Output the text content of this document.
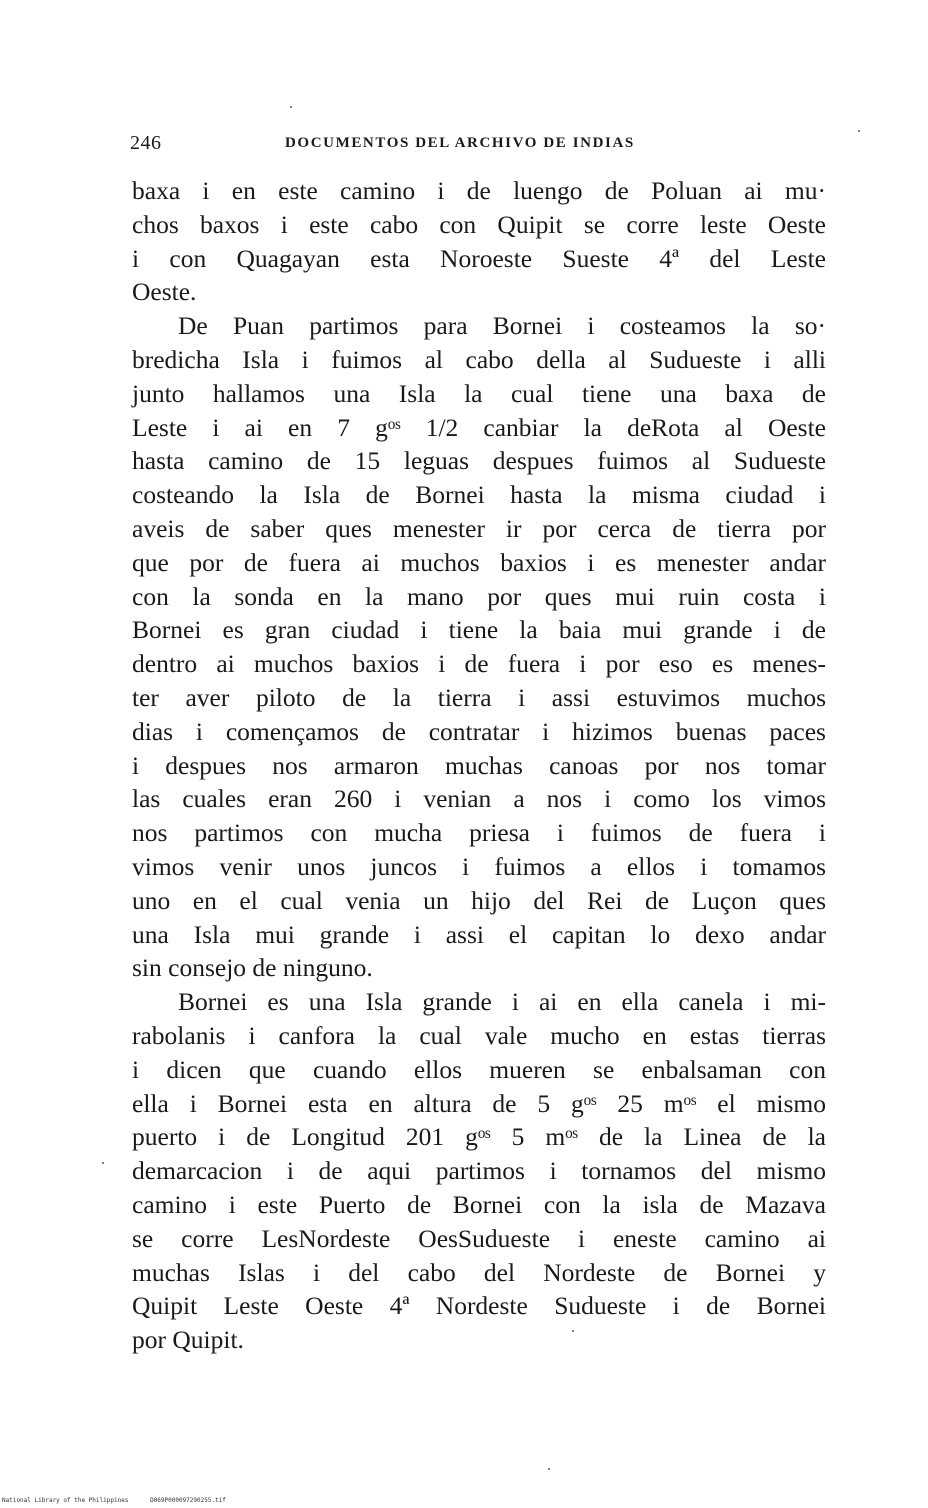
246	DOCUMENTOS DEL ARCHIVO DE INDIAS
baxa i en este camino i de luengo de Poluan ai mu·
chos baxos i este cabo con Quipit se corre leste Oeste
i con Quagayan esta Noroeste Sueste 4ª del Leste
Oeste.
De Puan partimos para Bornei i costeamos la so·
bredicha Isla i fuimos al cabo della al Sudueste i alli
junto hallamos una Isla la cual tiene una baxa de
Leste i ai en 7 gᵒˢ 1/2 canbiar la deRota al Oeste
hasta camino de 15 leguas despues fuimos al Sudueste
costeando la Isla de Bornei hasta la misma ciudad i
aveis de saber ques menester ir por cerca de tierra por
que por de fuera ai muchos baxios i es menester andar
con la sonda en la mano por ques mui ruin costa i
Bornei es gran ciudad i tiene la baia mui grande i de
dentro ai muchos baxios i de fuera i por eso es menes-
ter aver piloto de la tierra i assi estuvimos muchos
dias i començamos de contratar i hizimos buenas paces
i despues nos armaron muchas canoas por nos tomar
las cuales eran 260 i venian a nos i como los vimos
nos partimos con mucha priesa i fuimos de fuera i
vimos venir unos juncos i fuimos a ellos i tomamos
uno en el cual venia un hijo del Rei de Luçon ques
una Isla mui grande i assi el capitan lo dexo andar
sin consejo de ninguno.
Bornei es una Isla grande i ai en ella canela i mi-
rabolanis i canfora la cual vale mucho en estas tierras
i dicen que cuando ellos mueren se enbalsaman con
ella i Bornei esta en altura de 5 gᵒˢ 25 mᵒˢ el mismo
puerto i de Longitud 201 gᵒˢ 5 mᵒˢ de la Linea de la
demarcacion i de aqui partimos i tornamos del mismo
camino i este Puerto de Bornei con la isla de Mazava
se corre LesNordeste OesSudueste i eneste camino ai
muchas Islas i del cabo del Nordeste de Bornei y
Quipit Leste Oeste 4ª Nordeste Sudueste i de Bornei
por Quipit.
National Library of the Philippines	D069P000097290255.tif
